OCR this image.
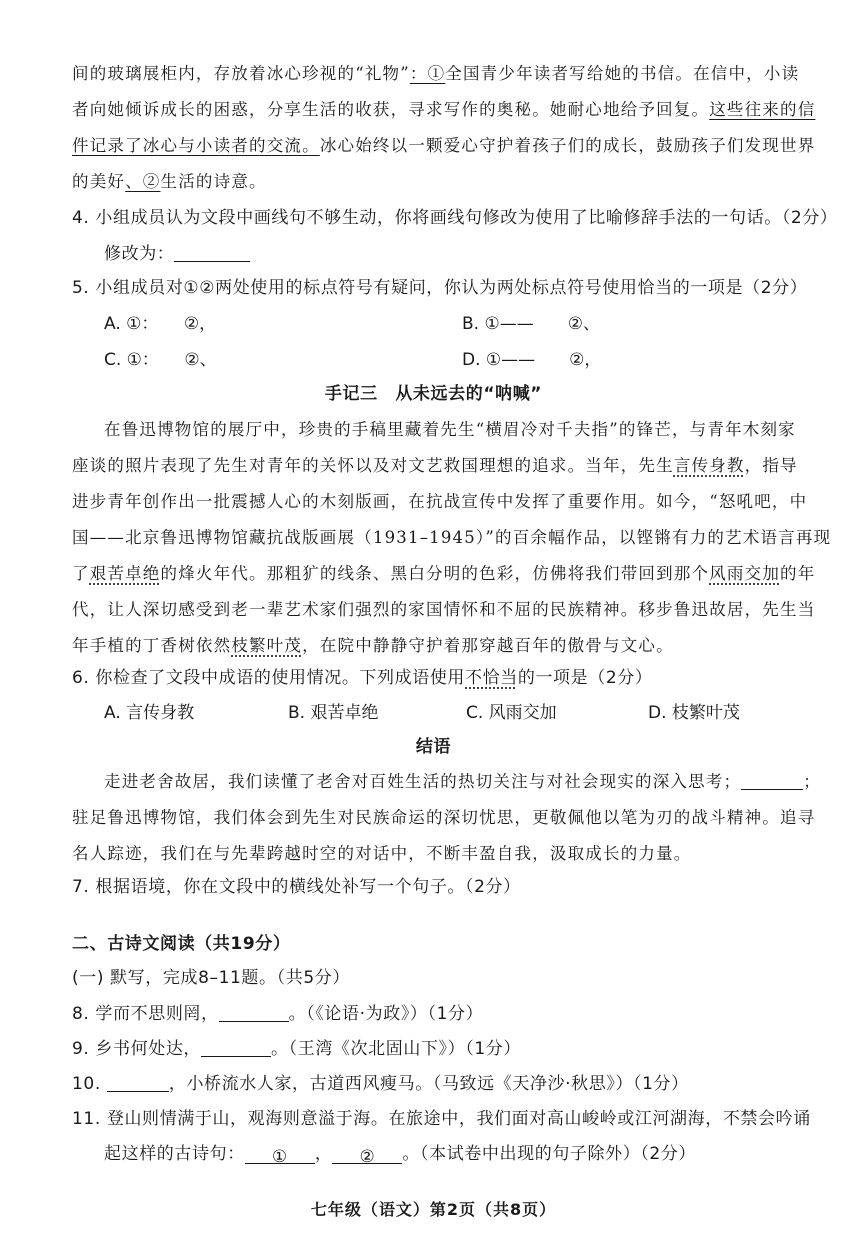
间的玻璃展柜内，存放着冰心珍视的“礼物”：①全国青少年读者写给她的书信。在信中，小读
者向她倾诉成长的困惑，分享生活的收获，寻求写作的奥秘。她耐心地给予回复。这些往来的信
件记录了冰心与小读者的交流。冰心始终以一颗爱心守护着孩子们的成长，鼓励孩子们发现世界
的美好、②生活的诗意。
4. 小组成员认为文段中画线句不够生动，你将画线句修改为使用了比喻修辞手法的一句话。（2分）
修改为：
5. 小组成员对①②两处使用的标点符号有疑问，你认为两处标点符号使用恰当的一项是（2分）
A. ①：　　②，	B. ①——　　②、
C. ①：　　②、	D. ①——　　②，
手记三　从未远去的“呐喊”
在鲁迅博物馆的展厅中，珍贵的手稿里藏着先生“横眉冷对千夫指”的锋芒，与青年木刻家
座谈的照片表现了先生对青年的关怀以及对文艺救国理想的追求。当年，先生言传身教，指导
进步青年创作出一批震撼人心的木刻版画，在抗战宣传中发挥了重要作用。如今，“怒吼吧，中
国——北京鲁迅博物馆藏抗战版画展（1931–1945）”的百余幅作品，以铿锵有力的艺术语言再现
了艰苦卓绝的烽火年代。那粗犷的线条、黑白分明的色彩，仿佛将我们带回到那个风雨交加的年
代，让人深切感受到老一辈艺术家们强烈的家国情怀和不屈的民族精神。移步鲁迅故居，先生当
年手植的丁香树依然枝繁叶茂，在院中静静守护着那穿越百年的傲骨与文心。
6. 你检查了文段中成语的使用情况。下列成语使用不恰当的一项是（2分）
A. 言传身教	B. 艰苦卓绝	C. 风雨交加	D. 枝繁叶茂
结语
走进老舍故居，我们读懂了老舍对百姓生活的热切关注与对社会现实的深入思考；	；
驻足鲁迅博物馆，我们体会到先生对民族命运的深切忧思，更敬佩他以笔为刃的战斗精神。追寻
名人踪迹，我们在与先辈跨越时空的对话中，不断丰盈自我，汲取成长的力量。
7. 根据语境，你在文段中的横线处补写一个句子。（2分）
二、古诗文阅读（共19分）
(一) 默写，完成8–11题。（共5分）
8. 学而不思则罔，	。（《论语·为政》）（1分）
9. 乡书何处达，	。（王湾《次北固山下》）（1分）
10.	，小桥流水人家，古道西风瘦马。（马致远《天净沙·秋思》）（1分）
11. 登山则情满于山，观海则意溢于海。在旅途中，我们面对高山峻岭或江河湖海，不禁会吟诵
起这样的古诗句： ① ， ② 。（本试卷中出现的句子除外）（2分）
七年级（语文）第2页（共8页）
